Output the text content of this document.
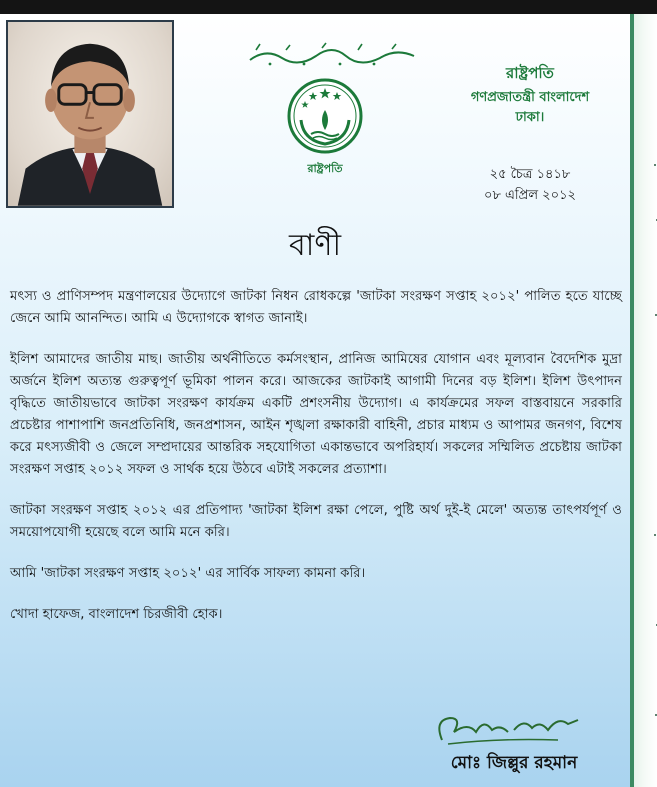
রাষ্ট্রপতি
রাষ্ট্রপতি
গণপ্রজাতন্ত্রী বাংলাদেশ
ঢাকা।
২৫ চৈত্র ১৪১৮
০৮ এপ্রিল ২০১২
বাণী

মৎস্য ও প্রাণিসম্পদ মন্ত্রণালয়ের উদ্যোগে জাটকা নিধন রোধকল্পে 'জাটকা সংরক্ষণ সপ্তাহ ২০১২' পালিত হতে যাচ্ছে জেনে আমি আনন্দিত। আমি এ উদ্যোগকে স্বাগত জানাই।

ইলিশ আমাদের জাতীয় মাছ। জাতীয় অর্থনীতিতে কর্মসংস্থান, প্রানিজ আমিষের যোগান এবং মূল্যবান বৈদেশিক মুদ্রা অর্জনে ইলিশ অত্যন্ত গুরুত্বপূর্ণ ভূমিকা পালন করে। আজকের জাটকাই আগামী দিনের বড় ইলিশ। ইলিশ উৎপাদন বৃদ্ধিতে জাতীয়ভাবে জাটকা সংরক্ষণ কার্যক্রম একটি প্রশংসনীয় উদ্যোগ। এ কার্যক্রমের সফল বাস্তবায়নে সরকারি প্রচেষ্টার পাশাপাশি জনপ্রতিনিধি, জনপ্রশাসন, আইন শৃঙ্খলা রক্ষাকারী বাহিনী, প্রচার মাধ্যম ও আপামর জনগণ, বিশেষ করে মৎস্যজীবী ও জেলে সম্প্রদায়ের আন্তরিক সহযোগিতা একান্তভাবে অপরিহার্য। সকলের সম্মিলিত প্রচেষ্টায় জাটকা সংরক্ষণ সপ্তাহ ২০১২ সফল ও সার্থক হয়ে উঠবে এটাই সকলের প্রত্যাশা।

জাটকা সংরক্ষণ সপ্তাহ ২০১২ এর প্রতিপাদ্য 'জাটকা ইলিশ রক্ষা পেলে, পুষ্টি অর্থ দুই-ই মেলে' অত্যন্ত তাৎপর্যপূর্ণ ও সময়োপযোগী হয়েছে বলে আমি মনে করি।

আমি 'জাটকা সংরক্ষণ সপ্তাহ ২০১২' এর সার্বিক সাফল্য কামনা করি।

খোদা হাফেজ, বাংলাদেশ চিরজীবী হোক।

মোঃ জিল্লুর রহমান
